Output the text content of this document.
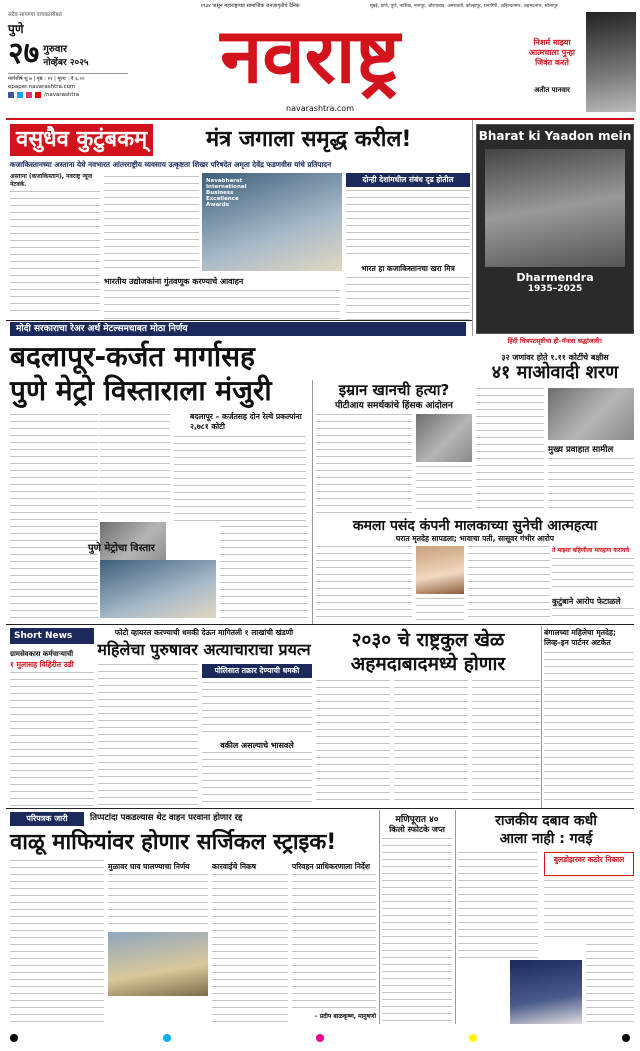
१९३४ पासून महाराष्ट्राच्या सामाजिक जनजागृतीचे दैनिक	मुंबई, ठाणे, पुणे, नाशिक, नागपूर, औरंगाबाद, अमरावती, कोल्हापूर, रत्नागिरी, अहिल्यानगर, अहमदनगर, सोलापूर
सदैव सापण्या वाचकांसोबत
पुणे
२७ गुरुवार
नोव्हेंबर २०२५
मार्गशीर्ष शु ७ | पृष्ठ : १२ | मूल्य : ₹ ६.००
epaper.navarashtra.com
/navarashtra	नवराष्ट्र
navarashtra.com
निशर्म माझ्या आत्मचाला पुन्हा जिवंत करते
अतीत पानवार
वसुधैव कुटुंबकम्	मंत्र जगाला समृद्ध करील!
कजाकिस्तानच्या अस्ताना येथे नवभारत आंतरराष्ट्रीय व्यवसाय उत्कृष्टता शिखर परिषदेत अमृता देवेंद्र फडणवीस यांचे प्रतिपादन
अस्ताना (कजाकिस्तान), नवराष्ट्र न्यूज नेटवर्क.	Navabharat International Business Excellence Awards
भारतीय उद्योजकांना गुंतवणूक करण्याचे आवाहन
दोन्ही देशांमधील संबंध दृढ होतील
भारत हा कजाकिस्तानचा खरा मित्र
Bharat ki Yaadon mein
Dharmendra
1935–2025
हिंदी चित्रपटसृष्टीचा ही–मॅनला श्रद्धांजली!
मोदी सरकाराचा रेअर अर्थ मेटल्समधाबत मोठा निर्णय
बदलापूर-कर्जत मार्गासह
पुणे मेट्रो विस्ताराला मंजुरी
बदलापूर – कर्जतसह दोन रेल्वे प्रकल्पांना २,७८१ कोटी
पुणे मेट्रोचा विस्तार
३२ जणांवर होते १.११ कोटींचे बक्षीस
४१ माओवादी शरण
मुख्य प्रवाहात सामील
इम्रान खानची हत्या?
पीटीआय समर्थकांचे हिंसक आंदोलन
कमला पसंद कंपनी मालकाच्या सुनेची आत्महत्या
घरात मृतदेह सापडला; भावाचा पती, सासूवर गंभीर आरोप
ते माझ्या बहिणीला मारहाण करायचे
कुटुंबाने आरोप फेटाळले
२०३० चे राष्ट्रकुल खेळ
अहमदाबादमध्ये होणार
Short News
ग्रामसेवकास कर्मचाऱ्याची
१ मुलासह विहिरीत उडी
फोटो व्हायरल करण्याची धमकी देऊन मागितली १ लाखांची खंडणी
महिलेचा पुरुषावर अत्याचाराचा प्रयत्न
पोलिसात तक्रार देण्याची धमकी
वकील असल्याचे भासवले
बंगालच्या महिलेचा मृतदेह; लिव्ह–इन पार्टनर अटकेत
परिपत्रक जारी	तिप्पटांदा पकडल्यास थेट वाहन परवाना होणार रद्द
वाळू माफियांवर होणार सर्जिकल स्ट्राइक!
मुळावर घाव घालण्याचा निर्णय	कारवाईचे निकष	परिवहन प्राधिकरणाला निर्देश
– प्रदीप बाळकृष्ण, मानुषणो
मणिपूरात ४०
किलो स्फोटके जप्त
राजकीय दबाव कधी
आला नाही : गवई
बुलडोझरवर कठोर निकाल
